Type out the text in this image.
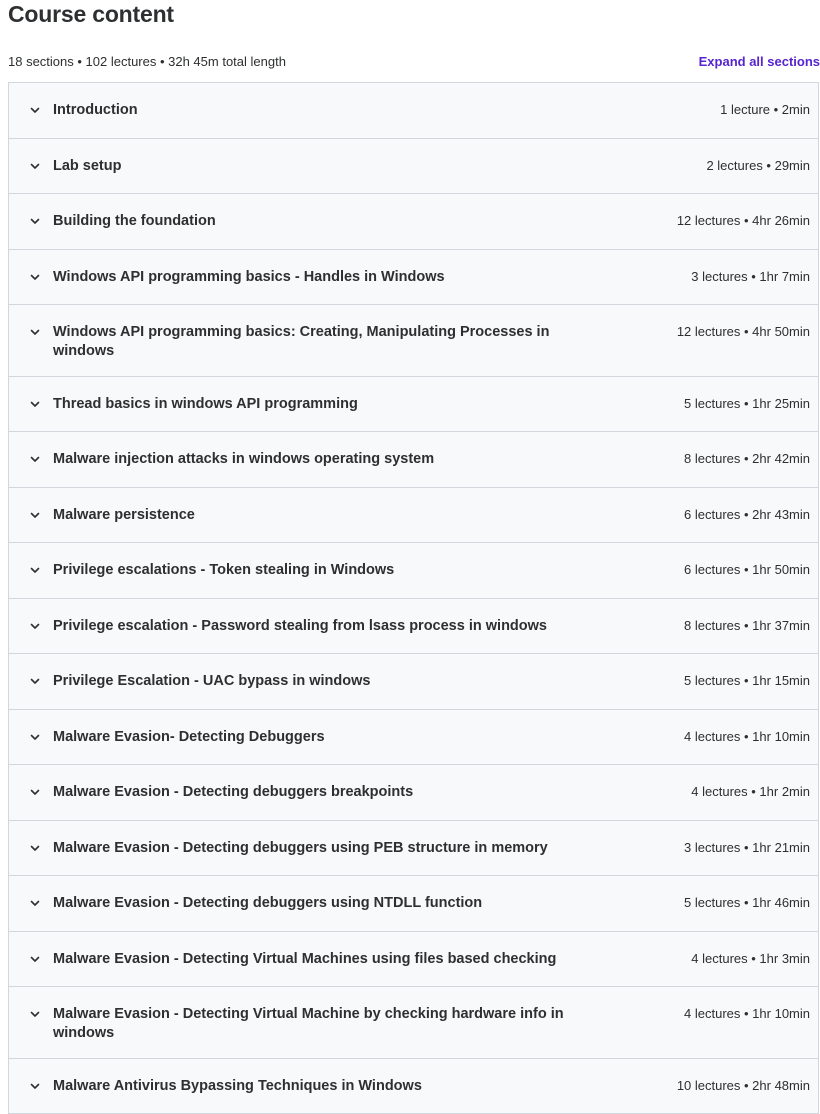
Course content
18 sections • 102 lectures • 32h 45m total length	Expand all sections
Introduction	1 lecture • 2min
Lab setup	2 lectures • 29min
Building the foundation	12 lectures • 4hr 26min
Windows API programming basics - Handles in Windows	3 lectures • 1hr 7min
Windows API programming basics: Creating, Manipulating Processes in windows
12 lectures • 4hr 50min
Thread basics in windows API programming	5 lectures • 1hr 25min
Malware injection attacks in windows operating system	8 lectures • 2hr 42min
Malware persistence	6 lectures • 2hr 43min
Privilege escalations - Token stealing in Windows	6 lectures • 1hr 50min
Privilege escalation - Password stealing from lsass process in windows	8 lectures • 1hr 37min
Privilege Escalation - UAC bypass in windows	5 lectures • 1hr 15min
Malware Evasion- Detecting Debuggers	4 lectures • 1hr 10min
Malware Evasion - Detecting debuggers breakpoints	4 lectures • 1hr 2min
Malware Evasion - Detecting debuggers using PEB structure in memory	3 lectures • 1hr 21min
Malware Evasion - Detecting debuggers using NTDLL function	5 lectures • 1hr 46min
Malware Evasion - Detecting Virtual Machines using files based checking	4 lectures • 1hr 3min
Malware Evasion - Detecting Virtual Machine by checking hardware info in windows
4 lectures • 1hr 10min
Malware Antivirus Bypassing Techniques in Windows	10 lectures • 2hr 48min
